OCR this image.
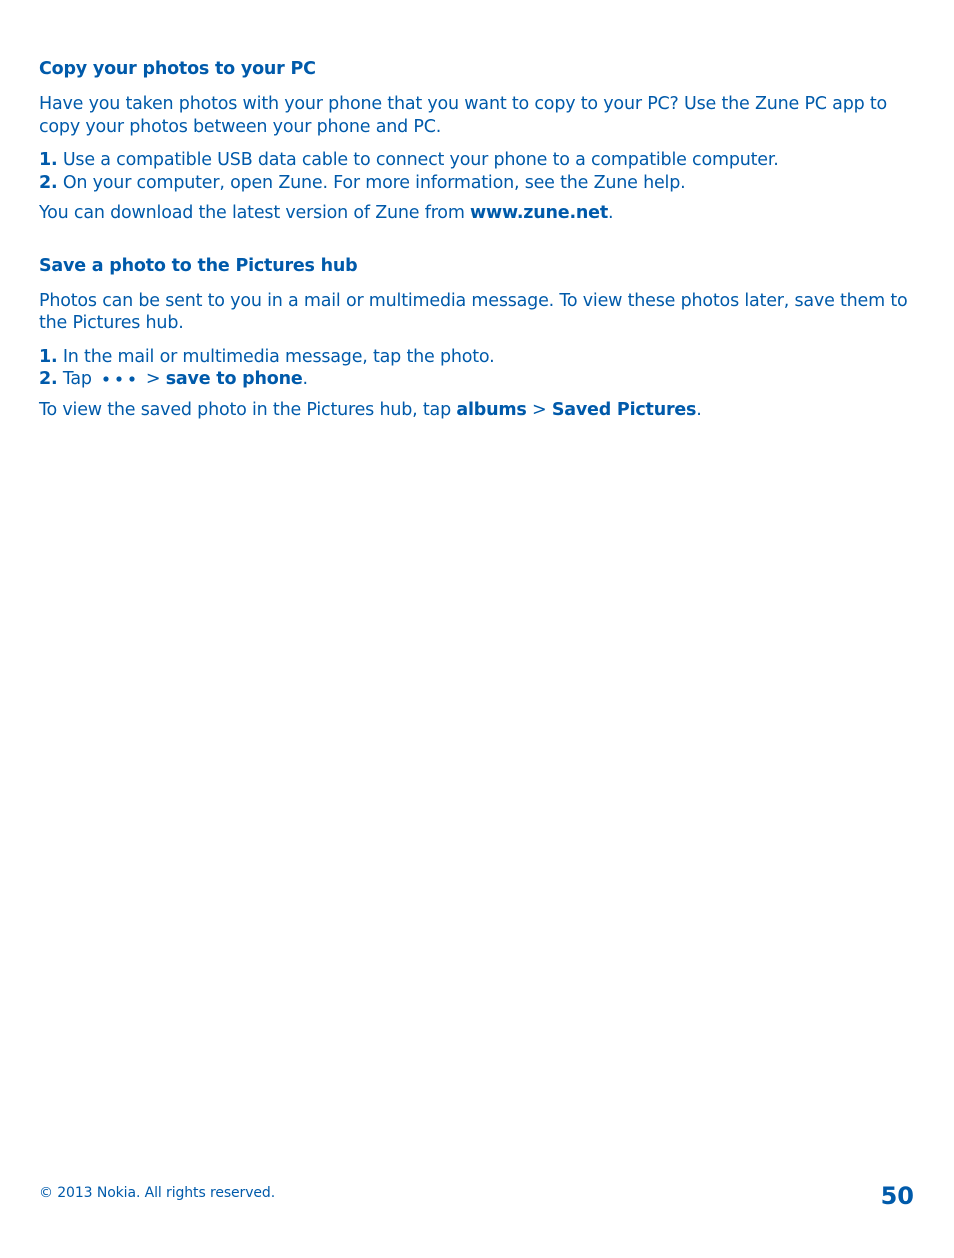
Copy your photos to your PC
Have you taken photos with your phone that you want to copy to your PC? Use the Zune PC app to copy your photos between your phone and PC.
1. Use a compatible USB data cable to connect your phone to a compatible computer.
2. On your computer, open Zune. For more information, see the Zune help.
You can download the latest version of Zune from www.zune.net.
Save a photo to the Pictures hub
Photos can be sent to you in a mail or multimedia message. To view these photos later, save them to the Pictures hub.
1. In the mail or multimedia message, tap the photo.
2. Tap	> save to phone.
To view the saved photo in the Pictures hub, tap albums > Saved Pictures.
© 2013 Nokia. All rights reserved.	50
